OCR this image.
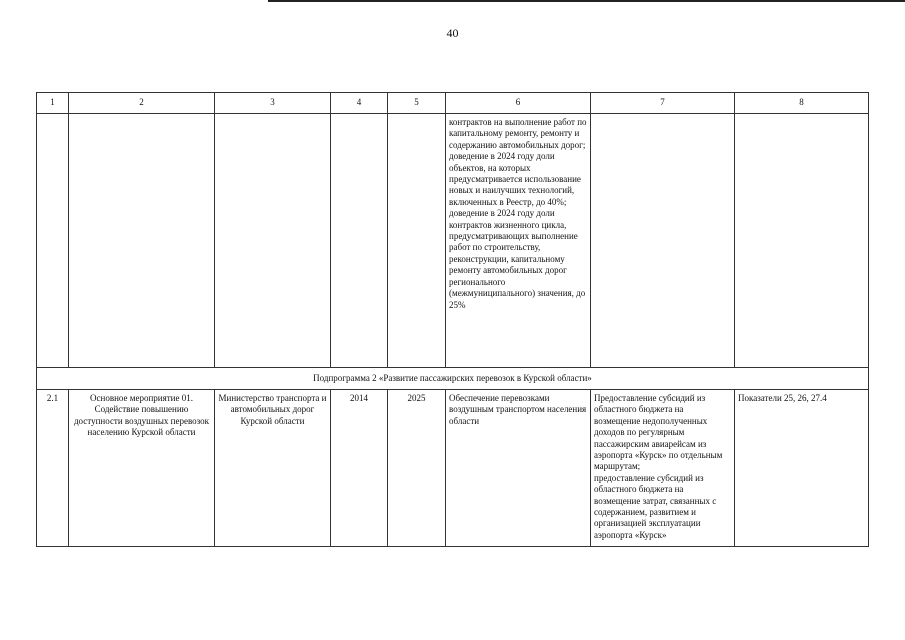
40
1	2	3	4	5	6	7	8
					контрактов на выполнение работ по капитальному ремонту, ремонту и содержанию автомобильных дорог;
доведение в 2024 году доли объектов, на которых предусматривается использование новых и наилучших технологий, включенных в Реестр, до 40%;
доведение в 2024 году доли контрактов жизненного цикла, предусматривающих выполнение работ по строительству, реконструкции, капитальному ремонту автомобильных дорог регионального (межмуниципального) значения, до 25%		
Подпрограмма 2 «Развитие пассажирских перевозок в Курской области»							
2.1	Основное мероприятие 01. Содействие повышению доступности воздушных перевозок населению Курской области	Министерство транспорта и автомобильных дорог Курской области	2014	2025	Обеспечение перевозками воздушным транспортом населения области	Предоставление субсидий из областного бюджета на возмещение недополученных доходов по регулярным пассажирским авиарейсам из аэропорта «Курск» по отдельным маршрутам;
предоставление субсидий из областного бюджета на возмещение затрат, связанных с содержанием, развитием и организацией эксплуатации аэропорта «Курск»	Показатели 25, 26, 27.4
